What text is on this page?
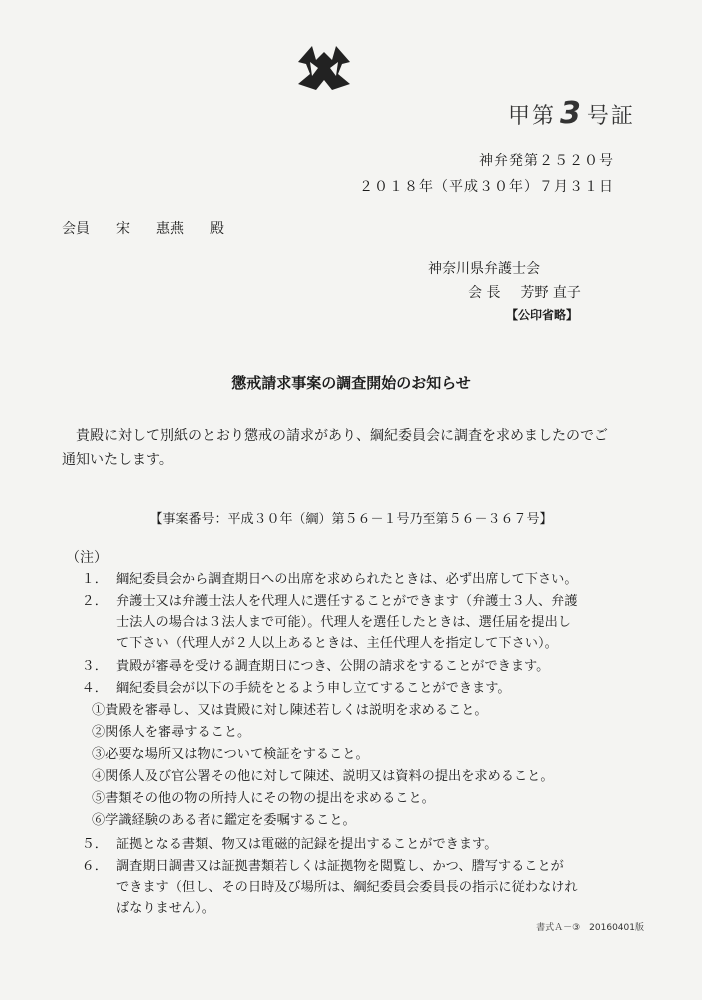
甲第 3 号証
神弁発第２５２０号
２０１８年（平成３０年）７月３１日
会員 宋 惠燕 殿
神奈川県弁護士会
会 長 芳野 直子
【公印省略】
懲戒請求事案の調査開始のお知らせ
貴殿に対して別紙のとおり懲戒の請求があり、綱紀委員会に調査を求めましたのでご
通知いたします。
【事案番号：平成３０年（綱）第５６－１号乃至第５６－３６７号】
（注）
１． 綱紀委員会から調査期日への出席を求められたときは、必ず出席して下さい。
２． 弁護士又は弁護士法人を代理人に選任することができます（弁護士３人、弁護
士法人の場合は３法人まで可能）。代理人を選任したときは、選任届を提出し
て下さい（代理人が２人以上あるときは、主任代理人を指定して下さい）。
３． 貴殿が審尋を受ける調査期日につき、公開の請求をすることができます。
４． 綱紀委員会が以下の手続をとるよう申し立てすることができます。
①貴殿を審尋し、又は貴殿に対し陳述若しくは説明を求めること。
②関係人を審尋すること。
③必要な場所又は物について検証をすること。
④関係人及び官公署その他に対して陳述、説明又は資料の提出を求めること。
⑤書類その他の物の所持人にその物の提出を求めること。
⑥学識経験のある者に鑑定を委嘱すること。
５． 証拠となる書類、物又は電磁的記録を提出することができます。
６． 調査期日調書又は証拠書類若しくは証拠物を閲覧し、かつ、謄写することが
できます（但し、その日時及び場所は、綱紀委員会委員長の指示に従わなけれ
ばなりません）。
書式Ａ－③　20160401版
